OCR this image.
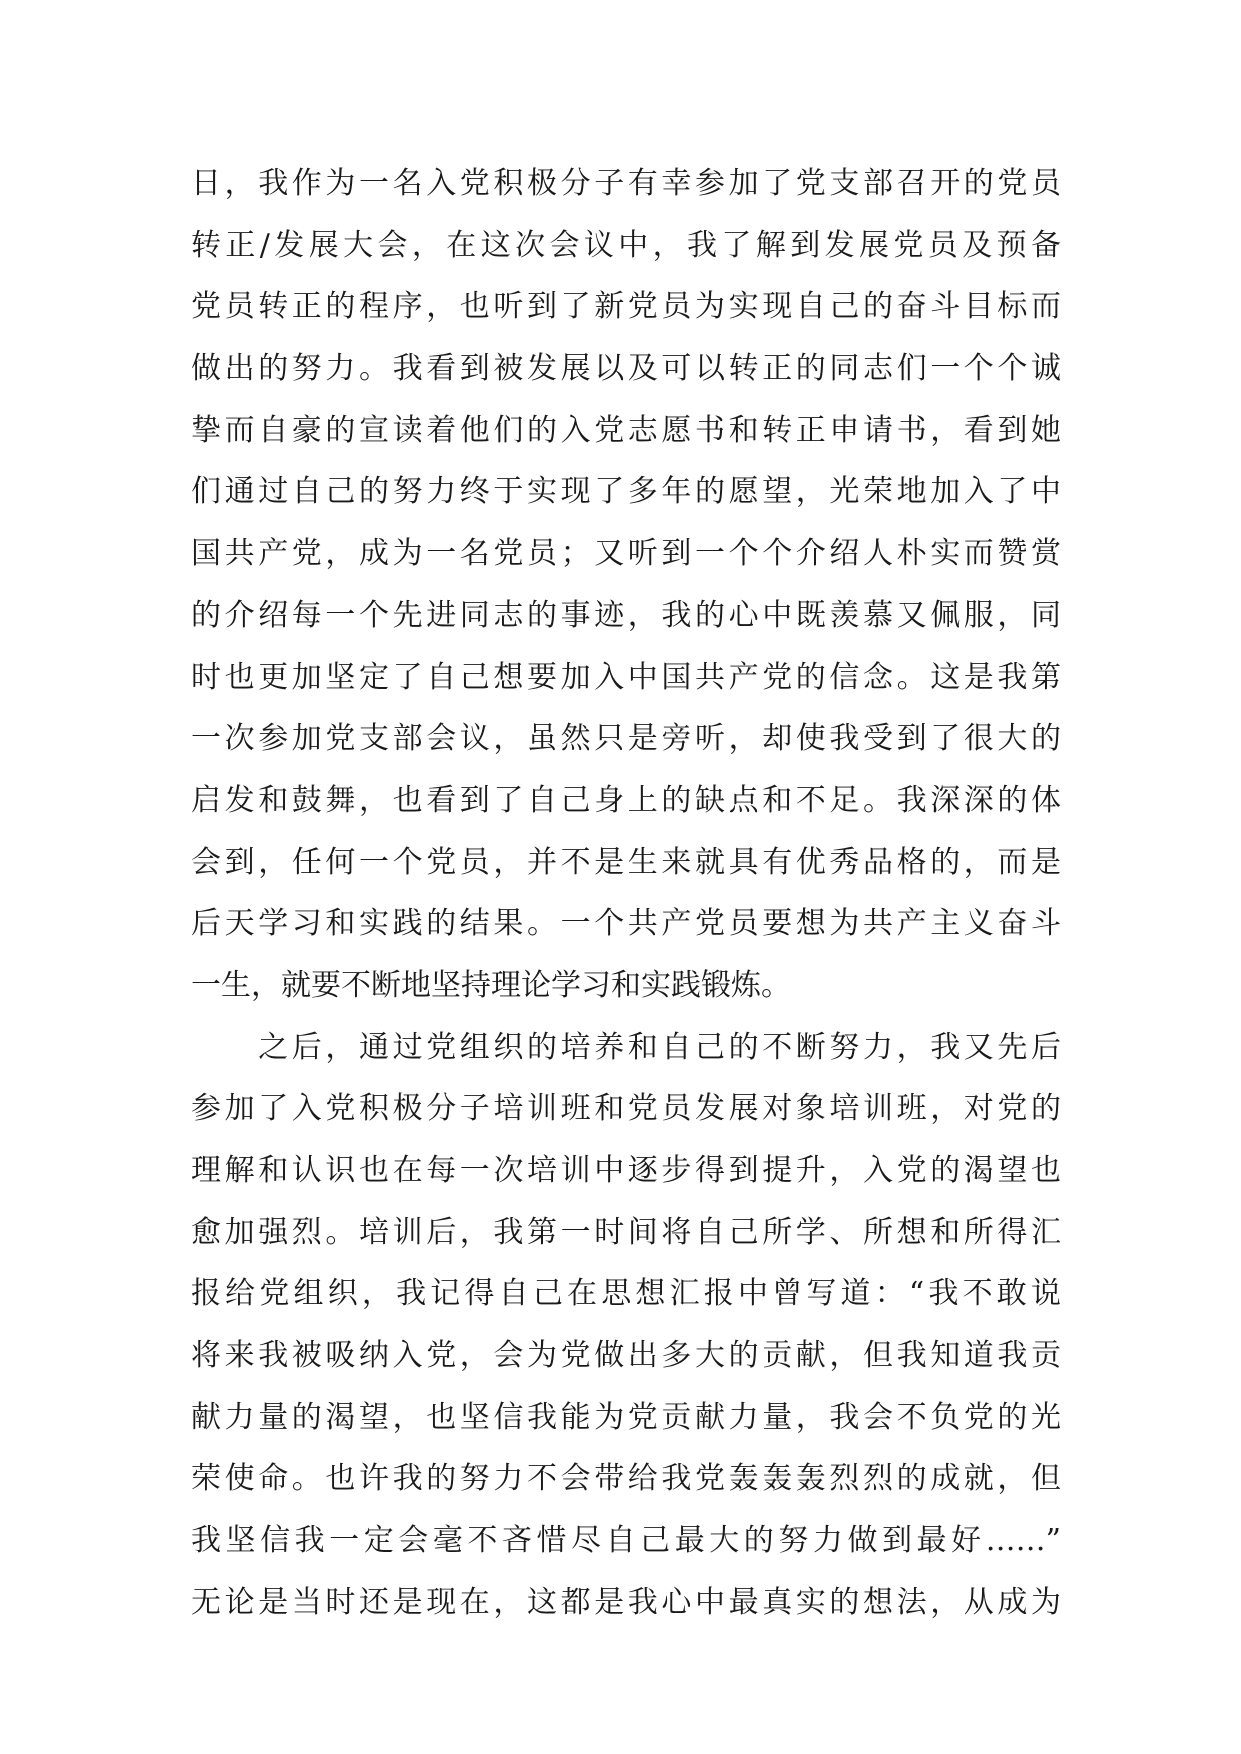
日，我作为一名入党积极分子有幸参加了党支部召开的党员
转正/发展大会，在这次会议中，我了解到发展党员及预备
党员转正的程序，也听到了新党员为实现自己的奋斗目标而
做出的努力。我看到被发展以及可以转正的同志们一个个诚
挚而自豪的宣读着他们的入党志愿书和转正申请书，看到她
们通过自己的努力终于实现了多年的愿望，光荣地加入了中
国共产党，成为一名党员；又听到一个个介绍人朴实而赞赏
的介绍每一个先进同志的事迹，我的心中既羡慕又佩服，同
时也更加坚定了自己想要加入中国共产党的信念。这是我第
一次参加党支部会议，虽然只是旁听，却使我受到了很大的
启发和鼓舞，也看到了自己身上的缺点和不足。我深深的体
会到，任何一个党员，并不是生来就具有优秀品格的，而是
后天学习和实践的结果。一个共产党员要想为共产主义奋斗
一生，就要不断地坚持理论学习和实践锻炼。
　　之后，通过党组织的培养和自己的不断努力，我又先后
参加了入党积极分子培训班和党员发展对象培训班，对党的
理解和认识也在每一次培训中逐步得到提升，入党的渴望也
愈加强烈。培训后，我第一时间将自己所学、所想和所得汇
报给党组织，我记得自己在思想汇报中曾写道：“我不敢说
将来我被吸纳入党，会为党做出多大的贡献，但我知道我贡
献力量的渴望，也坚信我能为党贡献力量，我会不负党的光
荣使命。也许我的努力不会带给我党轰轰轰烈烈的成就，但
我坚信我一定会毫不吝惜尽自己最大的努力做到最好……”
无论是当时还是现在，这都是我心中最真实的想法，从成为
